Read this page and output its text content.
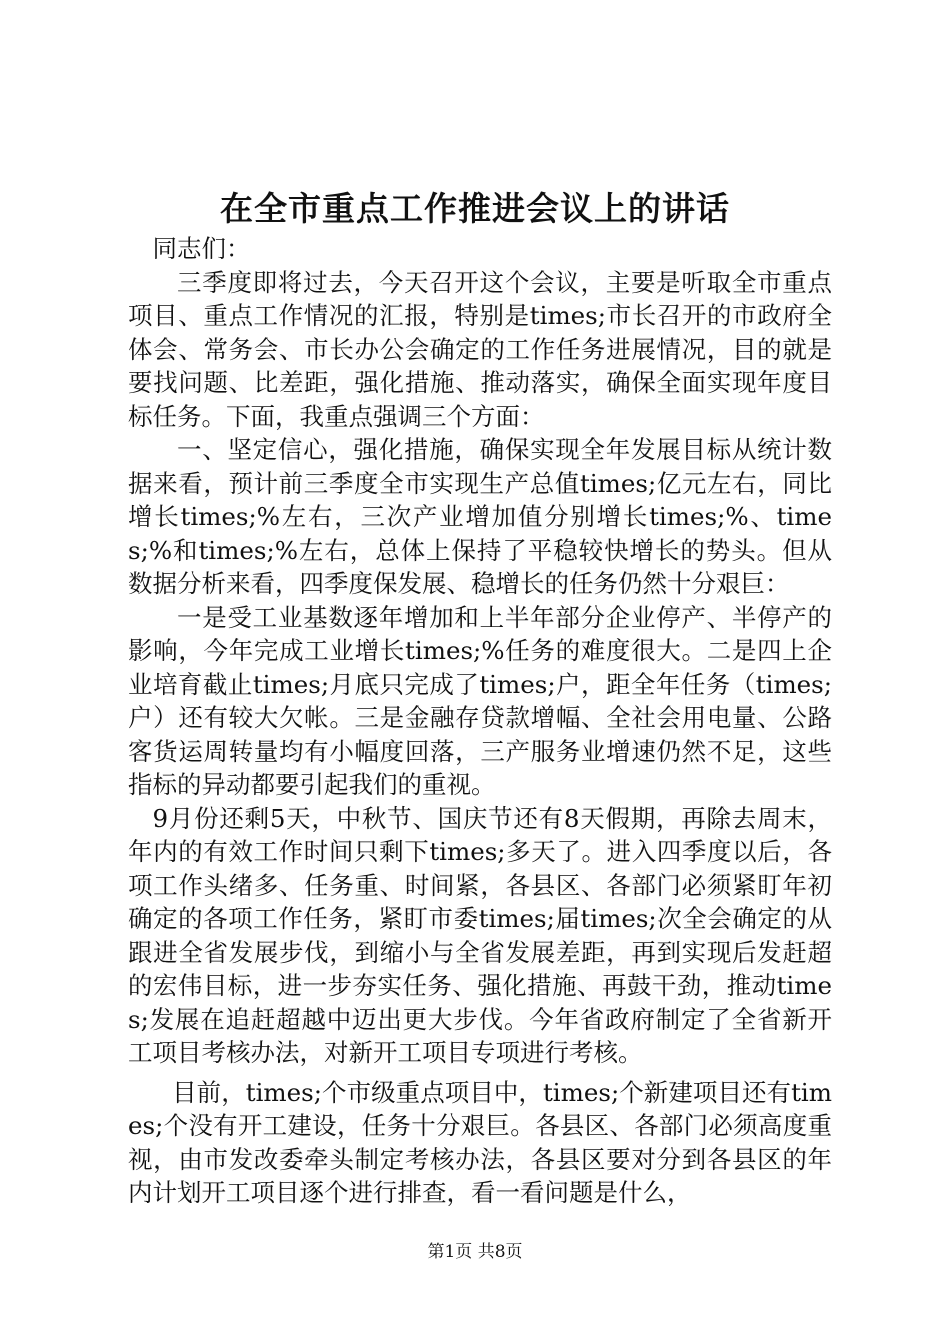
在全市重点工作推进会议上的讲话

同志们：

三季度即将过去，今天召开这个会议，主要是听取全市重点项目、重点工作情况的汇报，特别是times;市长召开的市政府全体会、常务会、市长办公会确定的工作任务进展情况，目的就是要找问题、比差距，强化措施、推动落实，确保全面实现年度目标任务。下面，我重点强调三个方面：

一、坚定信心，强化措施，确保实现全年发展目标从统计数据来看，预计前三季度全市实现生产总值times;亿元左右，同比增长times;%左右，三次产业增加值分别增长times;%、times;%和times;%左右，总体上保持了平稳较快增长的势头。但从数据分析来看，四季度保发展、稳增长的任务仍然十分艰巨：

一是受工业基数逐年增加和上半年部分企业停产、半停产的影响，今年完成工业增长times;%任务的难度很大。二是四上企业培育截止times;月底只完成了times;户，距全年任务（times;户）还有较大欠帐。三是金融存贷款增幅、全社会用电量、公路客货运周转量均有小幅度回落，三产服务业增速仍然不足，这些指标的异动都要引起我们的重视。

9月份还剩5天，中秋节、国庆节还有8天假期，再除去周末，年内的有效工作时间只剩下times;多天了。进入四季度以后，各项工作头绪多、任务重、时间紧，各县区、各部门必须紧盯年初确定的各项工作任务，紧盯市委times;届times;次全会确定的从跟进全省发展步伐，到缩小与全省发展差距，再到实现后发赶超的宏伟目标，进一步夯实任务、强化措施、再鼓干劲，推动times;发展在追赶超越中迈出更大步伐。今年省政府制定了全省新开工项目考核办法，对新开工项目专项进行考核。

目前，times;个市级重点项目中，times;个新建项目还有times;个没有开工建设，任务十分艰巨。各县区、各部门必须高度重视，由市发改委牵头制定考核办法，各县区要对分到各县区的年内计划开工项目逐个进行排查，看一看问题是什么，

第1页 共8页
